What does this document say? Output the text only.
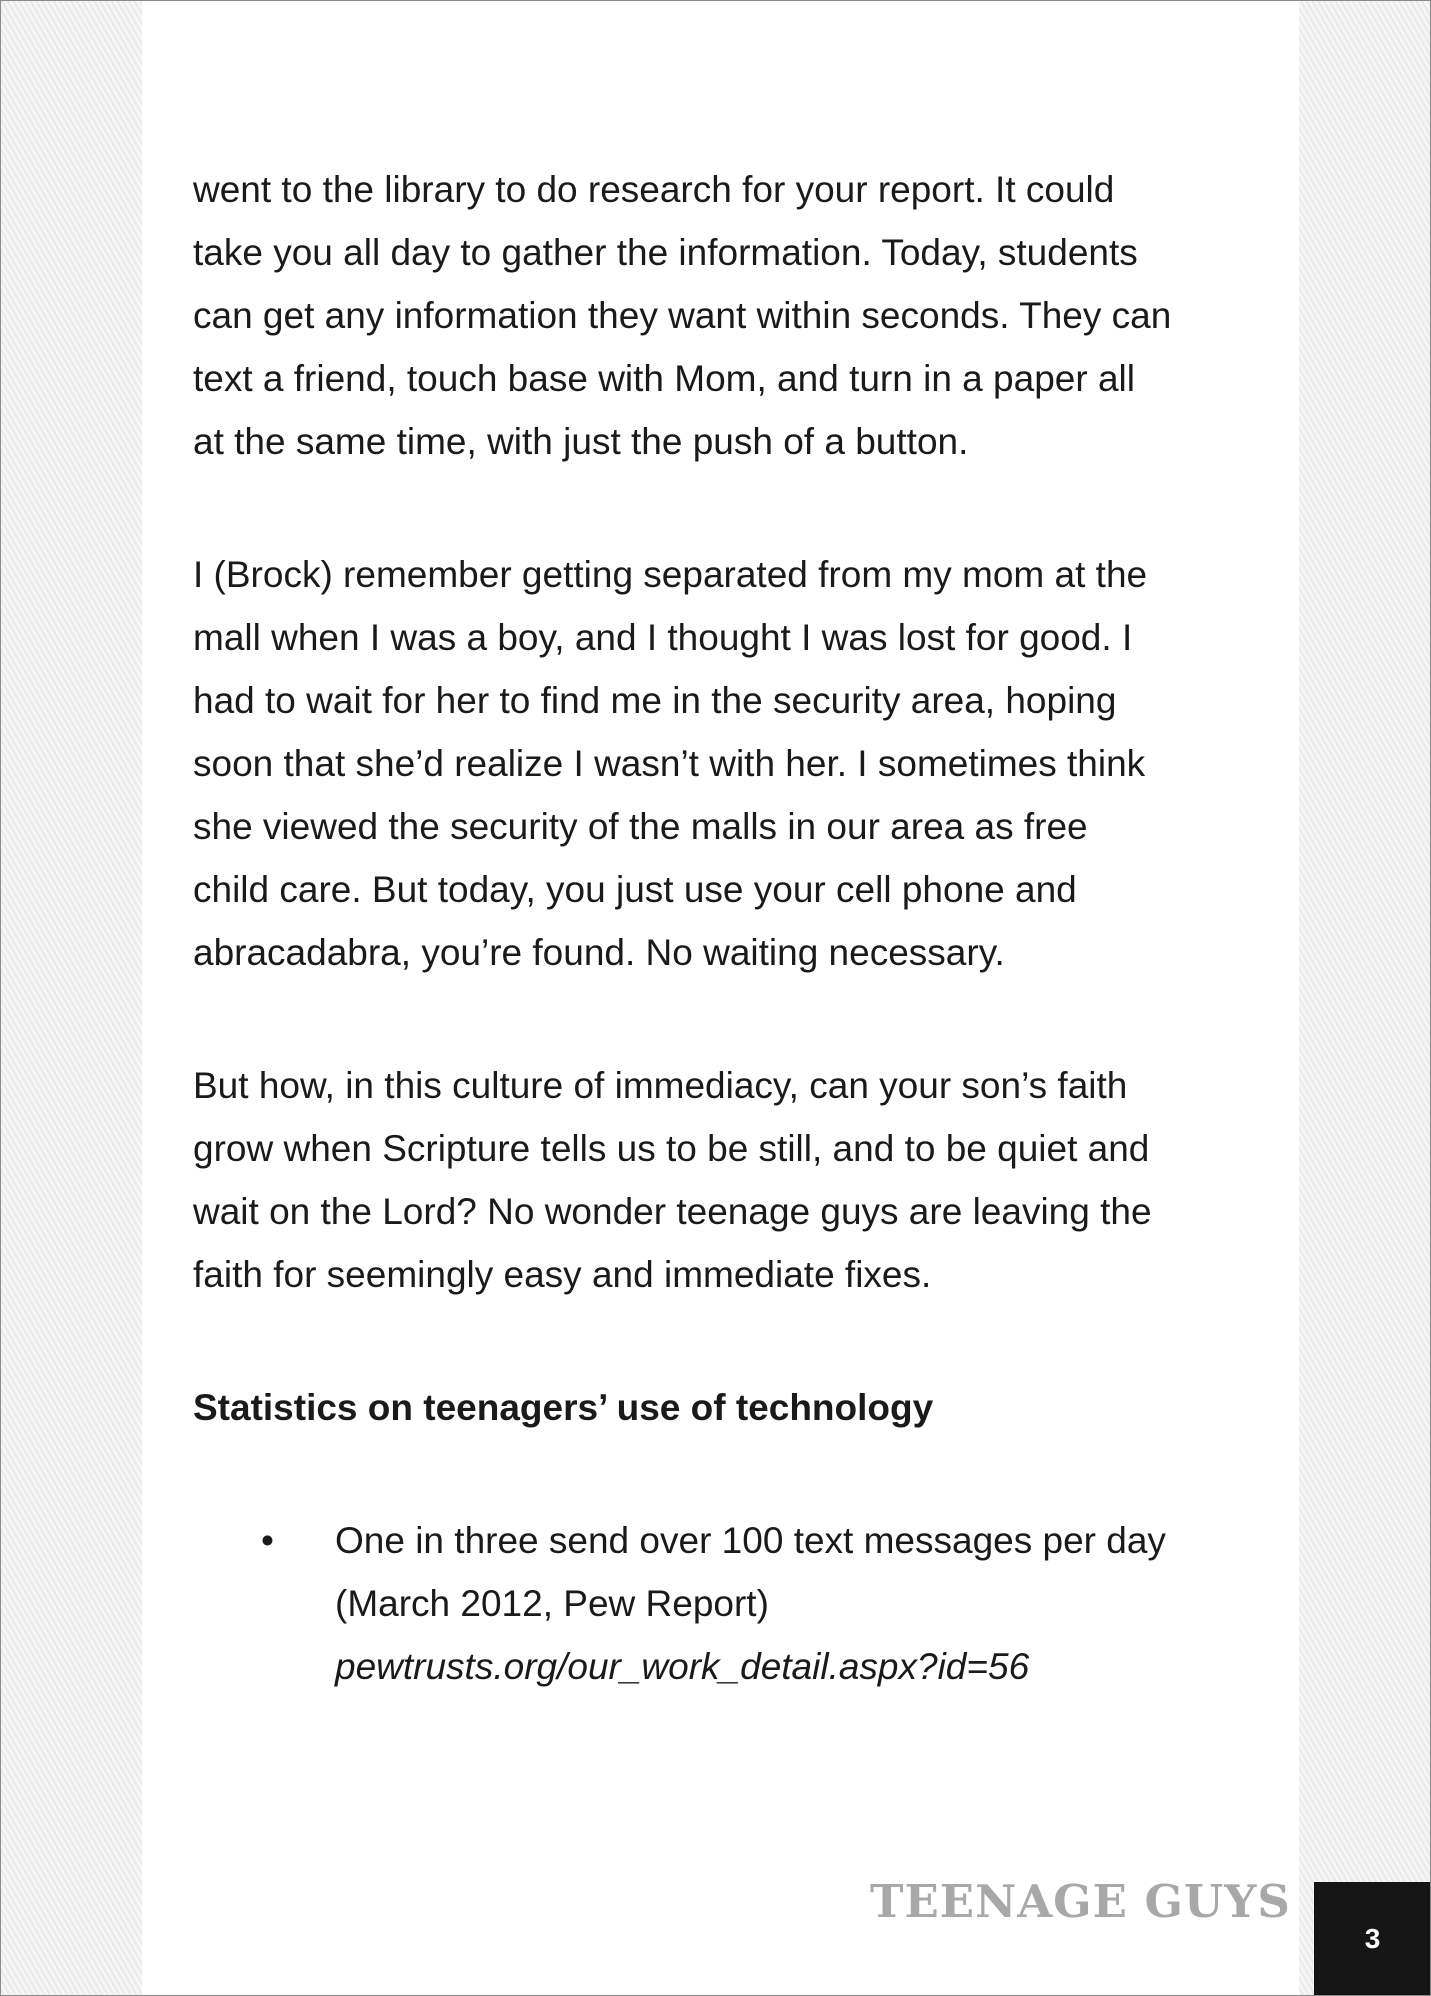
went to the library to do research for your report. It could
take you all day to gather the information. Today, students
can get any information they want within seconds. They can
text a friend, touch base with Mom, and turn in a paper all
at the same time, with just the push of a button.
I (Brock) remember getting separated from my mom at the
mall when I was a boy, and I thought I was lost for good. I
had to wait for her to find me in the security area, hoping
soon that she’d realize I wasn’t with her. I sometimes think
she viewed the security of the malls in our area as free
child care. But today, you just use your cell phone and
abracadabra, you’re found. No waiting necessary.
But how, in this culture of immediacy, can your son’s faith
grow when Scripture tells us to be still, and to be quiet and
wait on the Lord? No wonder teenage guys are leaving the
faith for seemingly easy and immediate fixes.
Statistics on teenagers’ use of technology
• One in three send over 100 text messages per day
(March 2012, Pew Report)
pewtrusts.org/our_work_detail.aspx?id=56
TEENAGE GUYS
3
